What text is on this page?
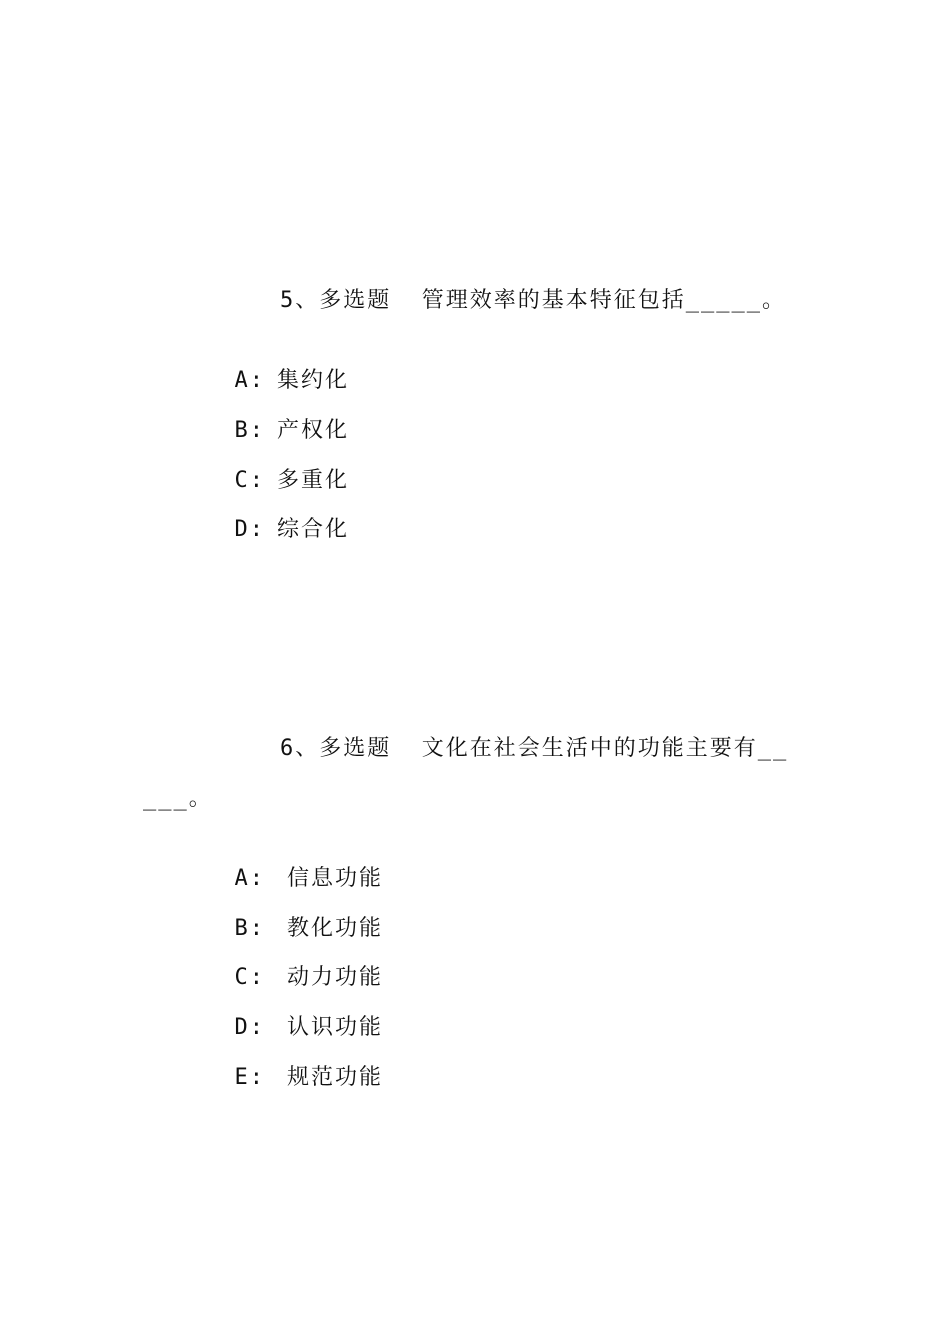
5、多选题  管理效率的基本特征包括_____。

A: 集约化

B: 产权化

C: 多重化

D: 综合化

6、多选题  文化在社会生活中的功能主要有__
___。

A: 信息功能

B: 教化功能

C: 动力功能

D: 认识功能

E: 规范功能
